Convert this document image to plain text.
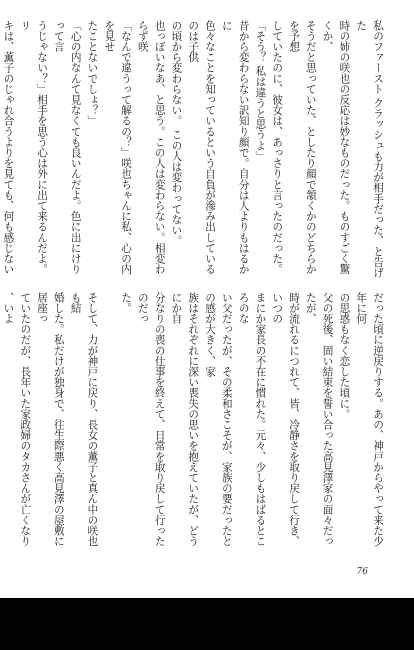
私のファースト クラッシュも力が相手だった、と告げた
時の姉の咲也の反応は妙なものだった。ものすごく驚くか、
そうだと思っていた、としたり顔で頷くかのどちらかを予想
していたのに、彼女は、あっさりと言ったのだった。
「そう？ 私は違うと思うよ」
昔から変わらない訳知り顔で。自分は人よりもはるかに
色々なことを知っているという自負が滲み出しているのは子供
の頃から変わらない。 この人は変わってない。
也っぽいなあ、と思う。この人は変わらない。相変わらず咲
「なんで違うって解るの？」咲也ちゃんに私、心の内を見せ
たことないでしょ？」
「心の内なんて見なくても良いんだよ。色に出にけりって言
うじゃない？」相手を思う心は外に出て来るんだよ。リ
キは、薫子のじゃれ合うよりを見ても、何も感じない
だった頃に逆戻りする。あの、神戸からやって来た少年に何
の思惑もなく恋した頃に。
父の死後、固い結束を誓い合った高見澤家の面々だったが、
時が流れるにつれて、皆、冷静さを取り戻して行き、いつの
まにか家長の不在に慣れた。元々、少しもはばるところのな
い父だったが、その柔和さこそが、家族の要だったとの感が大きく、家
族はそれぞれに深い喪失の思いを抱えていたが、どうにか自
分なりの喪の仕事を終えて、日常を取り戻して行ったのだっ
た。

そして、力が神戸に戻り、長女の薫子と真ん中の咲也も結
婚した。私だけが独身で、往生際悪く高見澤の屋敷に居座っ
ていたのだが、長年いた家政婦のタカさんが亡くなり、いよ
76
